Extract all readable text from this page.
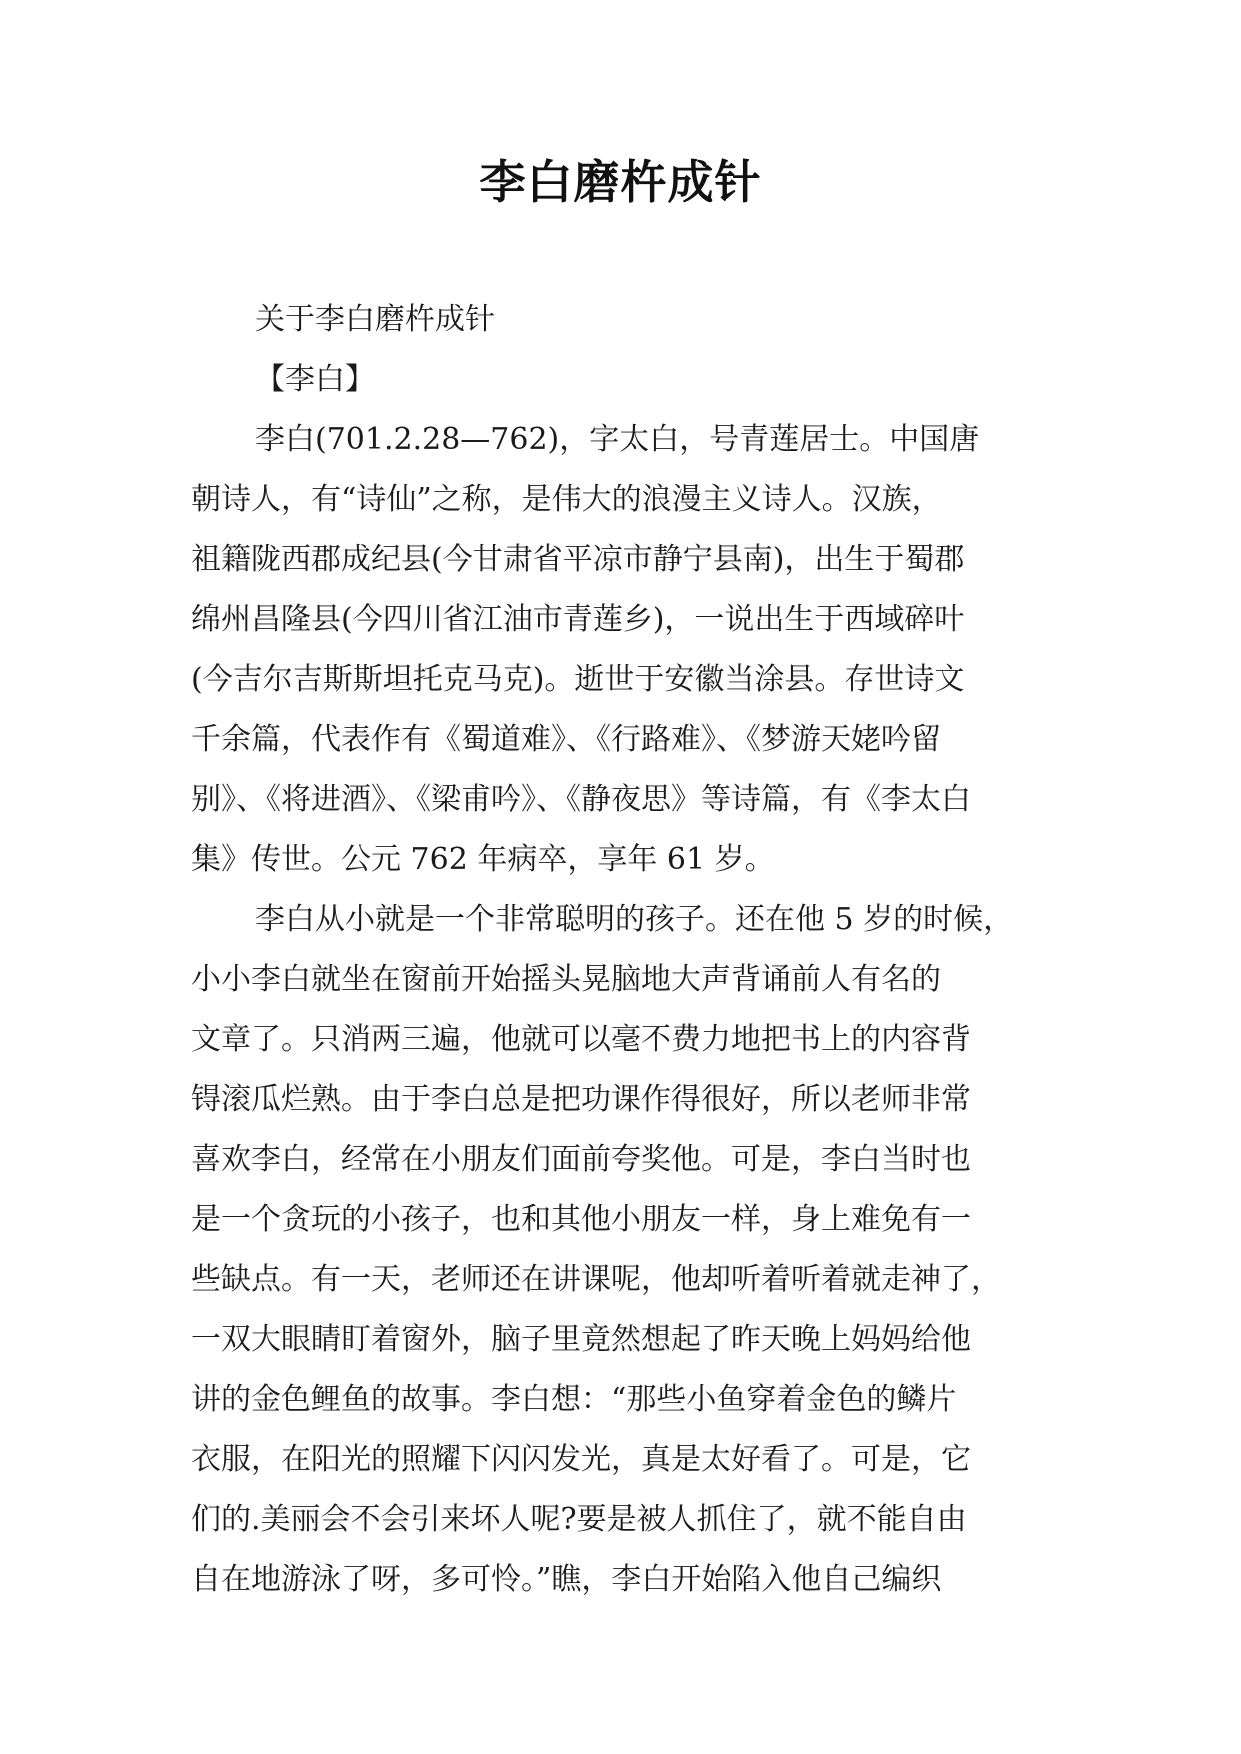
李白磨杵成针
关于李白磨杵成针
【李白】
李白(701.2.28—762)，字太白，号青莲居士。中国唐
朝诗人，有“诗仙”之称，是伟大的浪漫主义诗人。汉族，
祖籍陇西郡成纪县(今甘肃省平凉市静宁县南)，出生于蜀郡
绵州昌隆县(今四川省江油市青莲乡)，一说出生于西域碎叶
(今吉尔吉斯斯坦托克马克)。逝世于安徽当涂县。存世诗文
千余篇，代表作有《蜀道难》、《行路难》、《梦游天姥吟留
别》、《将进酒》、《梁甫吟》、《静夜思》等诗篇，有《李太白
集》传世。公元 762 年病卒，享年 61 岁。
李白从小就是一个非常聪明的孩子。还在他 5 岁的时候，
小小李白就坐在窗前开始摇头晃脑地大声背诵前人有名的
文章了。只消两三遍，他就可以毫不费力地把书上的内容背
锝滚瓜烂熟。由于李白总是把功课作得很好，所以老师非常
喜欢李白，经常在小朋友们面前夸奖他。可是，李白当时也
是一个贪玩的小孩子，也和其他小朋友一样，身上难免有一
些缺点。有一天，老师还在讲课呢，他却听着听着就走神了，
一双大眼睛盯着窗外，脑子里竟然想起了昨天晚上妈妈给他
讲的金色鲤鱼的故事。李白想：“那些小鱼穿着金色的鳞片
衣服，在阳光的照耀下闪闪发光，真是太好看了。可是，它
们的.美丽会不会引来坏人呢?要是被人抓住了，就不能自由
自在地游泳了呀，多可怜。”瞧，李白开始陷入他自己编织
